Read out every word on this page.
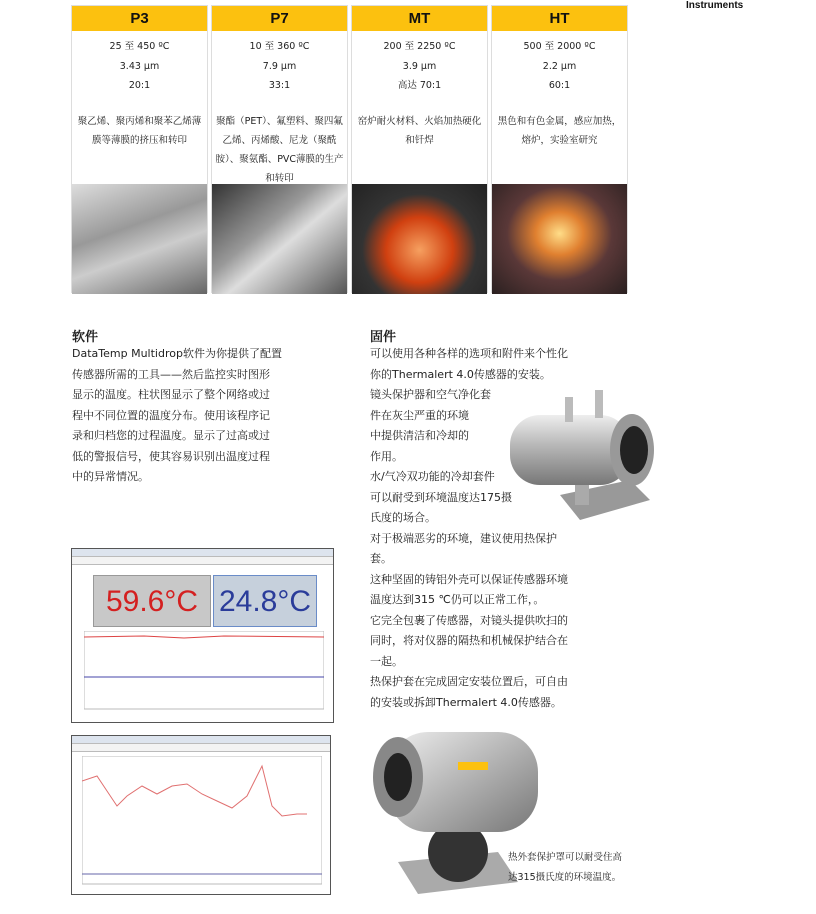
Instruments
P3
25 至 450 ºC
3.43 µm
20:1
聚乙烯、聚丙烯和聚苯乙烯薄膜等薄膜的挤压和转印
P7
10 至 360 ºC
7.9 µm
33:1
聚酯（PET）、氟塑料、聚四氟乙烯、丙烯酸、尼龙（聚酰胺）、聚氨酯、PVC薄膜的生产和转印
MT
200 至 2250 ºC
3.9 µm
高达 70:1
窑炉耐火材料、火焰加热硬化和钎焊
HT
500 至 2000 ºC
2.2 µm
60:1
黑色和有色金属，感应加热，熔炉，实验室研究
软件
DataTemp Multidrop软件为你提供了配置
传感器所需的工具——然后监控实时图形
显示的温度。柱状图显示了整个网络或过
程中不同位置的温度分布。使用该程序记
录和归档您的过程温度。显示了过高或过
低的警报信号，使其容易识别出温度过程
中的异常情况。
固件
可以使用各种各样的选项和附件来个性化
你的Thermalert 4.0传感器的安装。
镜头保护器和空气净化套
件在灰尘严重的环境
中提供清洁和冷却的
作用。
水/气冷双功能的冷却套件
可以耐受到环境温度达175摄
氏度的场合。
对于极端恶劣的环境，建议使用热保护
套。
这种坚固的铸铝外壳可以保证传感器环境
温度达到315 ℃仍可以正常工作，。
它完全包裹了传感器，对镜头提供吹扫的
同时，将对仪器的隔热和机械保护结合在
一起。
热保护套在完成固定安装位置后，可自由
的安装或拆卸Thermalert 4.0传感器。
59.6°C 24.8°C
热外套保护罩可以耐受住高
达315摄氏度的环境温度。
